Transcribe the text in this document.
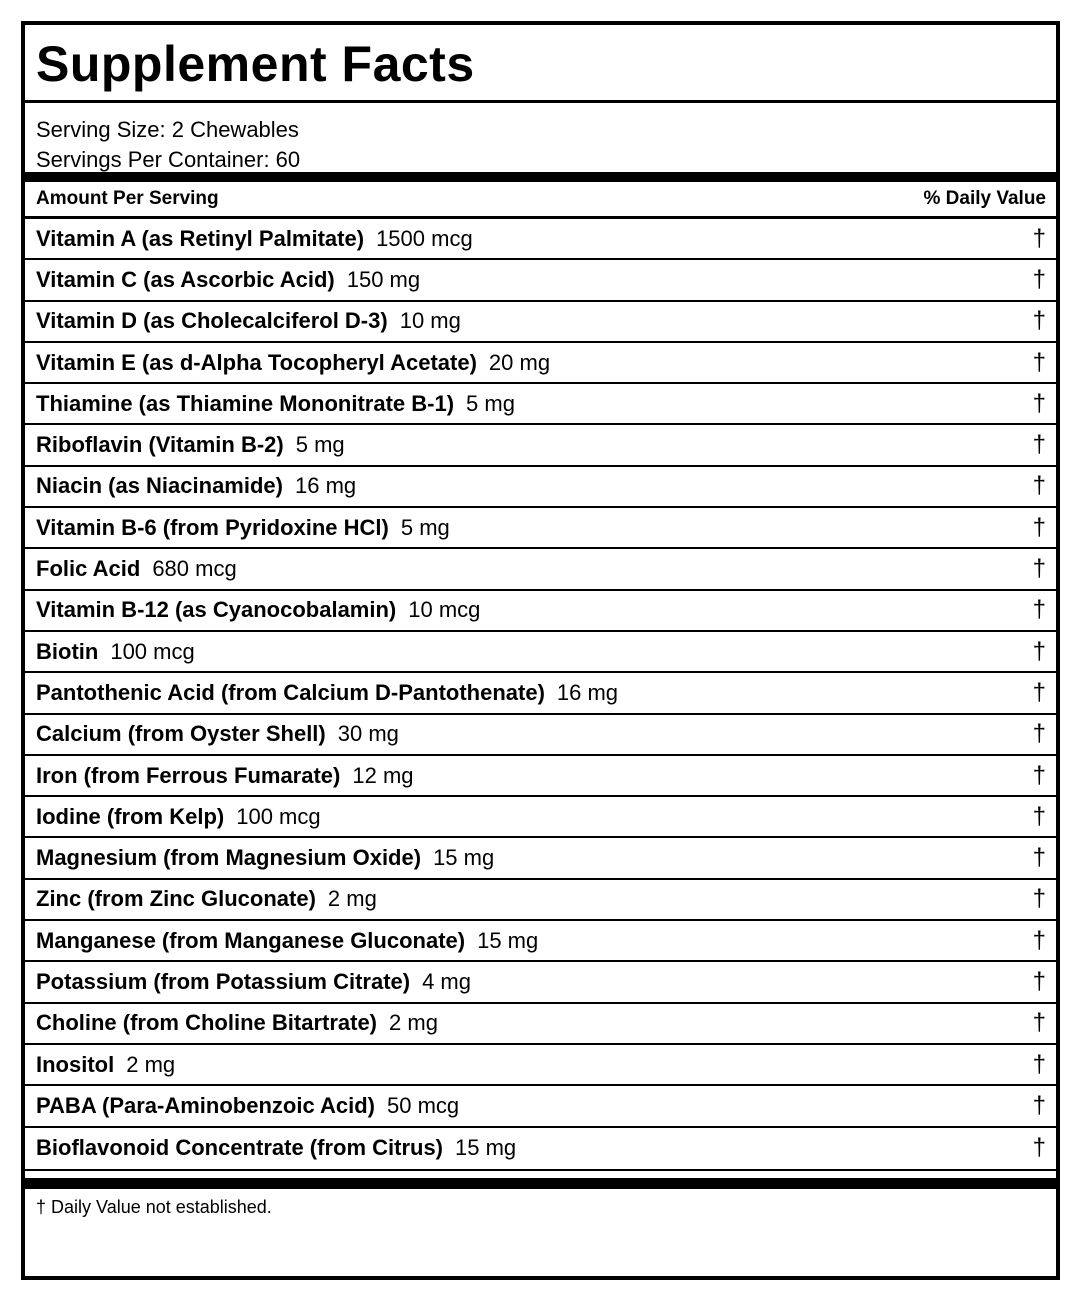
Supplement Facts
Serving Size: 2 Chewables
Servings Per Container: 60
Amount Per Serving	% Daily Value
Vitamin A (as Retinyl Palmitate) 1500 mcg	†
Vitamin C (as Ascorbic Acid) 150 mg	†
Vitamin D (as Cholecalciferol D-3) 10 mg	†
Vitamin E (as d-Alpha Tocopheryl Acetate) 20 mg	†
Thiamine (as Thiamine Mononitrate B-1) 5 mg	†
Riboflavin (Vitamin B-2) 5 mg	†
Niacin (as Niacinamide) 16 mg	†
Vitamin B-6 (from Pyridoxine HCl) 5 mg	†
Folic Acid 680 mcg	†
Vitamin B-12 (as Cyanocobalamin) 10 mcg	†
Biotin 100 mcg	†
Pantothenic Acid (from Calcium D-Pantothenate) 16 mg	†
Calcium (from Oyster Shell) 30 mg	†
Iron (from Ferrous Fumarate) 12 mg	†
Iodine (from Kelp) 100 mcg	†
Magnesium (from Magnesium Oxide) 15 mg	†
Zinc (from Zinc Gluconate) 2 mg	†
Manganese (from Manganese Gluconate) 15 mg	†
Potassium (from Potassium Citrate) 4 mg	†
Choline (from Choline Bitartrate) 2 mg	†
Inositol 2 mg	†
PABA (Para-Aminobenzoic Acid) 50 mcg	†
Bioflavonoid Concentrate (from Citrus) 15 mg	†
† Daily Value not established.
